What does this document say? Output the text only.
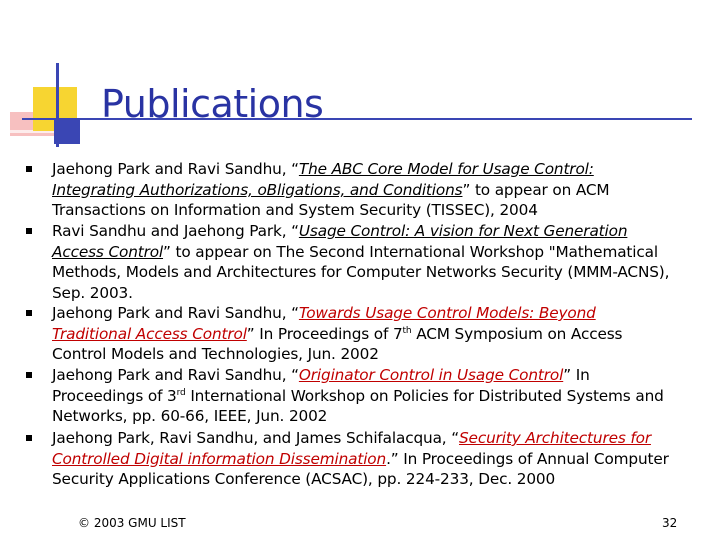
Publications
Jaehong Park and Ravi Sandhu, “The ABC Core Model for Usage Control:
Integrating Authorizations, oBligations, and Conditions” to appear on ACM
Transactions on Information and System Security (TISSEC), 2004
Ravi Sandhu and Jaehong Park, “Usage Control: A vision for Next Generation
Access Control” to appear on The Second International Workshop "Mathematical
Methods, Models and Architectures for Computer Networks Security (MMM-ACNS),
Sep. 2003.
Jaehong Park and Ravi Sandhu, “Towards Usage Control Models: Beyond
Traditional Access Control” In Proceedings of 7th ACM Symposium on Access
Control Models and Technologies, Jun. 2002
Jaehong Park and Ravi Sandhu, “Originator Control in Usage Control” In
Proceedings of 3rd International Workshop on Policies for Distributed Systems and
Networks, pp. 60-66, IEEE, Jun. 2002
Jaehong Park, Ravi Sandhu, and James Schifalacqua, “Security Architectures for
Controlled Digital information Dissemination.” In Proceedings of Annual Computer
Security Applications Conference (ACSAC), pp. 224-233, Dec. 2000
© 2003 GMU LIST	32
